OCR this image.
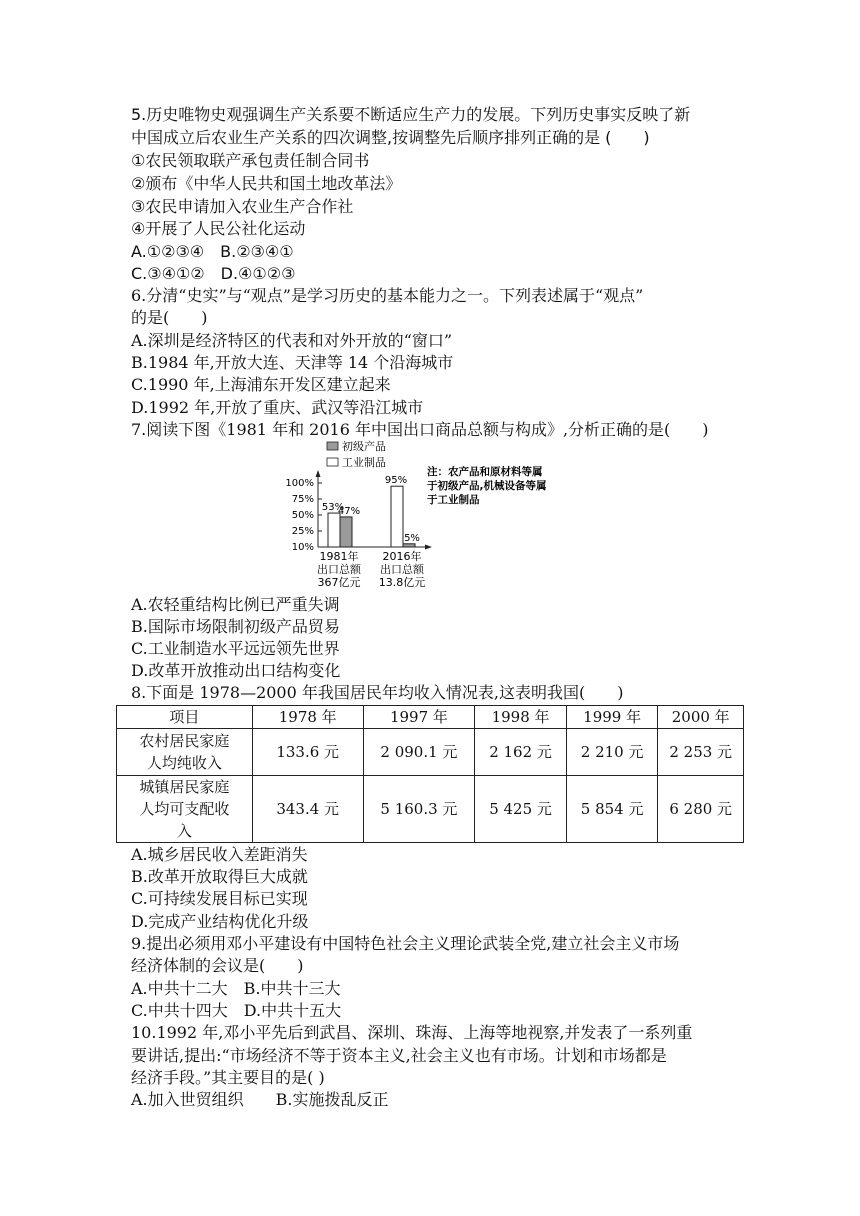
5.历史唯物史观强调生产关系要不断适应生产力的发展。下列历史事实反映了新
中国成立后农业生产关系的四次调整,按调整先后顺序排列正确的是 (　　)
①农民领取联产承包责任制合同书
②颁布《中华人民共和国土地改革法》
③农民申请加入农业生产合作社
④开展了人民公社化运动
A.①②③④　B.②③④①
C.③④①②　D.④①②③
6.分清“史实”与“观点”是学习历史的基本能力之一。下列表述属于“观点”
的是(　　)
A.深圳是经济特区的代表和对外开放的“窗口”
B.1984 年,开放大连、天津等 14 个沿海城市
C.1990 年,上海浦东开发区建立起来
D.1992 年,开放了重庆、武汉等沿江城市
7.阅读下图《1981 年和 2016 年中国出口商品总额与构成》,分析正确的是(　　)
初级产品
工业制品
100%
75%
50%
25%
10%
53%
47%
95%
5%
1981年
出口总额
367亿元
2016年
出口总额
13.8亿元
注：农产品和原材料等属
于初级产品,机械设备等属
于工业制品
A.农轻重结构比例已严重失调
B.国际市场限制初级产品贸易
C.工业制造水平远远领先世界
D.改革开放推动出口结构变化
8.下面是 1978—2000 年我国居民年均收入情况表,这表明我国(　　)
项目	1978 年	1997 年	1998 年	1999 年	2000 年

农村居民家庭
人均纯收入	133.6 元	2 090.1 元	2 162 元	2 210 元	2 253 元

城镇居民家庭
人均可支配收
入	343.4 元	5 160.3 元	5 425 元	5 854 元	6 280 元
A.城乡居民收入差距消失
B.改革开放取得巨大成就
C.可持续发展目标已实现
D.完成产业结构优化升级
9.提出必须用邓小平建设有中国特色社会主义理论武装全党,建立社会主义市场
经济体制的会议是(　　)
A.中共十二大　B.中共十三大
C.中共十四大　D.中共十五大
10.1992 年,邓小平先后到武昌、深圳、珠海、上海等地视察,并发表了一系列重
要讲话,提出:“市场经济不等于资本主义,社会主义也有市场。计划和市场都是
经济手段。”其主要目的是( )
A.加入世贸组织　　B.实施拨乱反正
